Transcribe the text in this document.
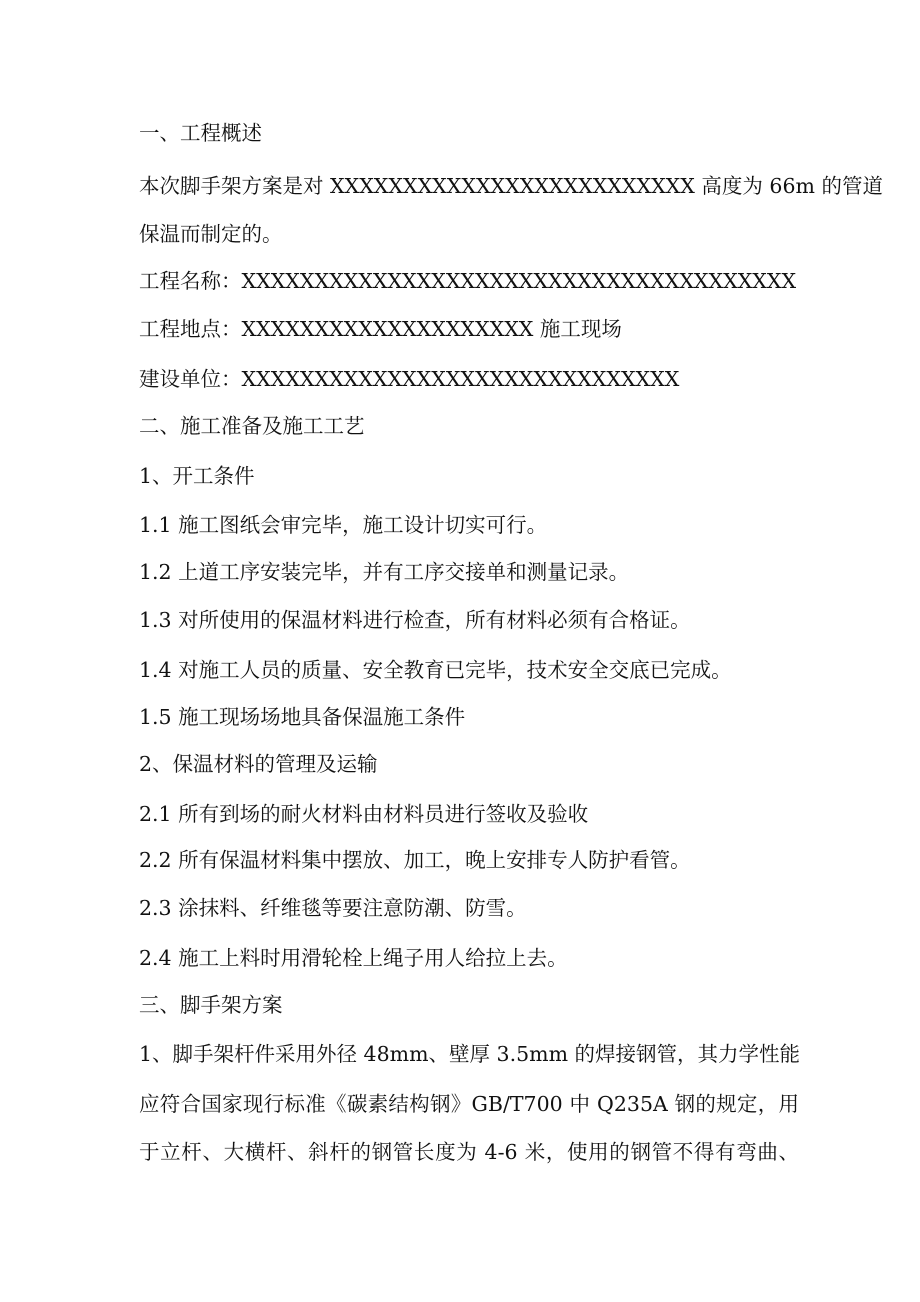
一、工程概述
本次脚手架方案是对 XXXXXXXXXXXXXXXXXXXXXXXXX 高度为 66m 的管道
保温而制定的。
工程名称：XXXXXXXXXXXXXXXXXXXXXXXXXXXXXXXXXXXXXX
工程地点：XXXXXXXXXXXXXXXXXXXX 施工现场
建设单位：XXXXXXXXXXXXXXXXXXXXXXXXXXXXXX
二、施工准备及施工工艺
1、开工条件
1.1 施工图纸会审完毕，施工设计切实可行。
1.2 上道工序安装完毕，并有工序交接单和测量记录。
1.3 对所使用的保温材料进行检查，所有材料必须有合格证。
1.4 对施工人员的质量、安全教育已完毕，技术安全交底已完成。
1.5 施工现场场地具备保温施工条件
2、保温材料的管理及运输
2.1 所有到场的耐火材料由材料员进行签收及验收
2.2 所有保温材料集中摆放、加工，晚上安排专人防护看管。
2.3 涂抹料、纤维毯等要注意防潮、防雪。
2.4 施工上料时用滑轮栓上绳子用人给拉上去。
三、脚手架方案
1、脚手架杆件采用外径 48mm、壁厚 3.5mm 的焊接钢管，其力学性能
应符合国家现行标准《碳素结构钢》GB/T700 中 Q235A 钢的规定，用
于立杆、大横杆、斜杆的钢管长度为 4-6 米，使用的钢管不得有弯曲、
